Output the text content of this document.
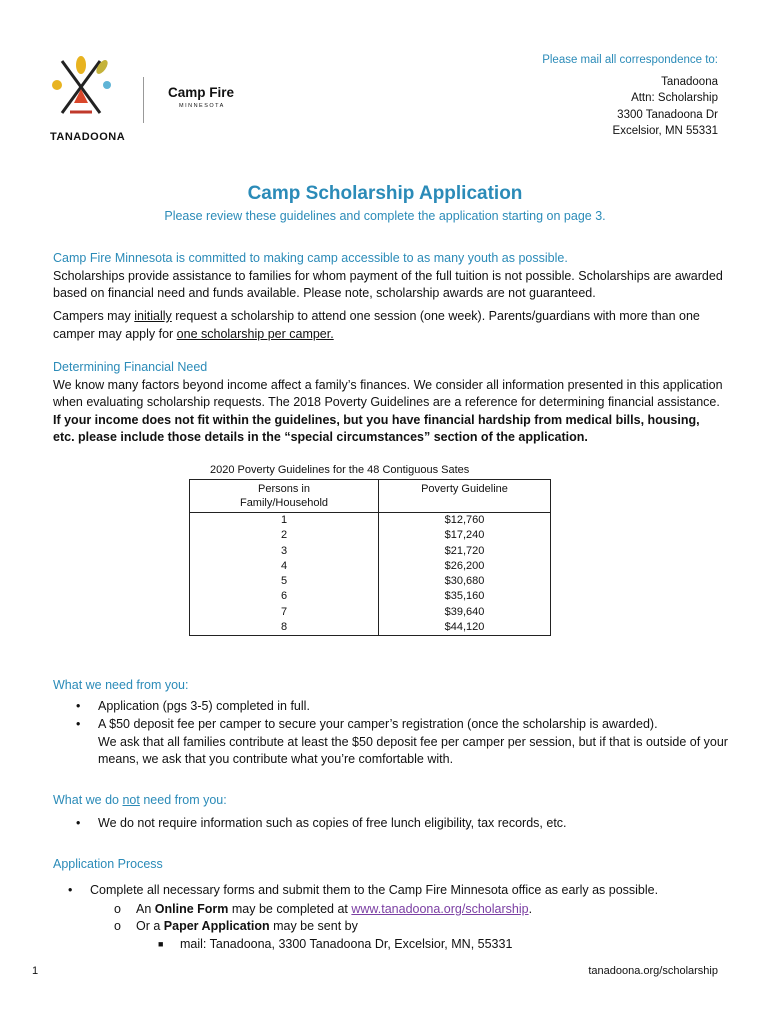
TANADOONA
Camp Fire
MINNESOTA
Please mail all correspondence to:
Tanadoona
Attn: Scholarship
3300 Tanadoona Dr
Excelsior, MN 55331
Camp Scholarship Application
Please review these guidelines and complete the application starting on page 3.
Camp Fire Minnesota is committed to making camp accessible to as many youth as possible.
Scholarships provide assistance to families for whom payment of the full tuition is not possible. Scholarships are awarded based on financial need and funds available. Please note, scholarship awards are not guaranteed.
Campers may initially request a scholarship to attend one session (one week). Parents/guardians with more than one camper may apply for one scholarship per camper.
Determining Financial Need
We know many factors beyond income affect a family’s finances. We consider all information presented in this application when evaluating scholarship requests. The 2018 Poverty Guidelines are a reference for determining financial assistance. If your income does not fit within the guidelines, but you have financial hardship from medical bills, housing, etc. please include those details in the “special circumstances” section of the application.
2020 Poverty Guidelines for the 48 Contiguous Sates
Persons in Family/Household	Poverty Guideline
1	$12,760
2	$17,240
3	$21,720
4	$26,200
5	$30,680
6	$35,160
7	$39,640
8	$44,120
What we need from you:
• Application (pgs 3-5) completed in full.
• A $50 deposit fee per camper to secure your camper’s registration (once the scholarship is awarded).
We ask that all families contribute at least the $50 deposit fee per camper per session, but if that is outside of your means, we ask that you contribute what you’re comfortable with.
What we do not need from you:
• We do not require information such as copies of free lunch eligibility, tax records, etc.
Application Process
• Complete all necessary forms and submit them to the Camp Fire Minnesota office as early as possible.
o An Online Form may be completed at www.tanadoona.org/scholarship.
o Or a Paper Application may be sent by
■ mail: Tanadoona, 3300 Tanadoona Dr, Excelsior, MN, 55331
1	tanadoona.org/scholarship
